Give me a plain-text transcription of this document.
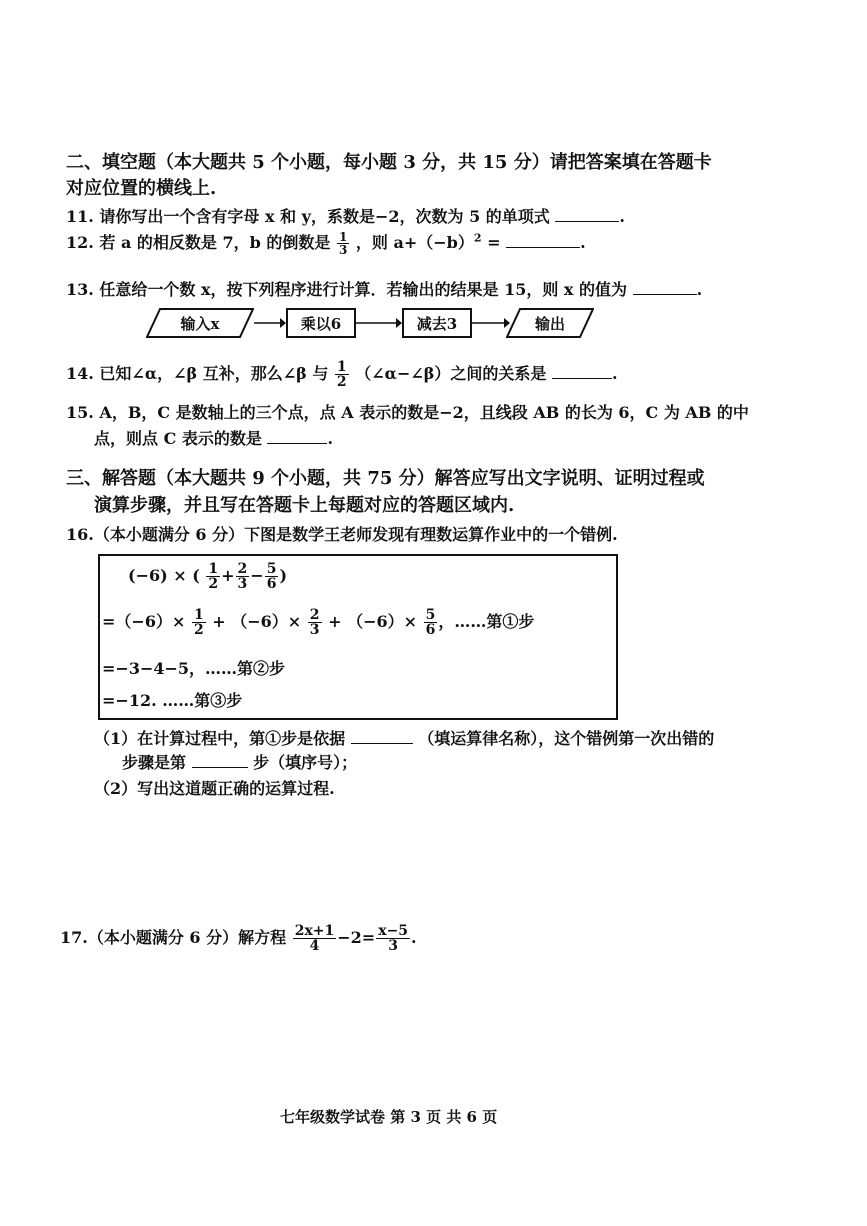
二、填空题（本大题共 5 个小题，每小题 3 分，共 15 分）请把答案填在答题卡
对应位置的横线上.
11. 请你写出一个含有字母 x 和 y，系数是−2，次数为 5 的单项式	.
12. 若 a 的相反数是 7，b 的倒数是 $\frac{1}{3}$ ，则 $a+(-b)^2$ =	.
13. 任意给一个数 x，按下列程序进行计算．若输出的结果是 15，则 x 的值为	.
输入x	乘以6	减去3	输出
14. 已知∠α，∠β 互补，那么∠β 与 $\frac{1}{2}$ （∠α−∠β）之间的关系是	.
15. A，B，C 是数轴上的三个点，点 A 表示的数是−2，且线段 AB 的长为 6，C 为 AB 的中
点，则点 C 表示的数是	.
三、解答题（本大题共 9 个小题，共 75 分）解答应写出文字说明、证明过程或
演算步骤，并且写在答题卡上每题对应的答题区域内.
16.（本小题满分 6 分）下图是数学王老师发现有理数运算作业中的一个错例.
(−6) × ( $\frac{1}{2} + \frac{2}{3} - \frac{5}{6}$ )
$=(-6)\times \frac{1}{2} + (-6)\times \frac{2}{3} + (-6)\times \frac{5}{6}$ ，……第①步
=−3−4−5，……第②步
=−12. ……第③步
（1）在计算过程中，第①步是依据	（填运算律名称），这个错例第一次出错的
步骤是第	步（填序号）；
（2）写出这道题正确的运算过程.
17.（本小题满分 6 分）解方程 $\frac{2x+1}{4} -2= \frac{x-5}{3}$ .
七年级数学试卷 第 3 页 共 6 页
